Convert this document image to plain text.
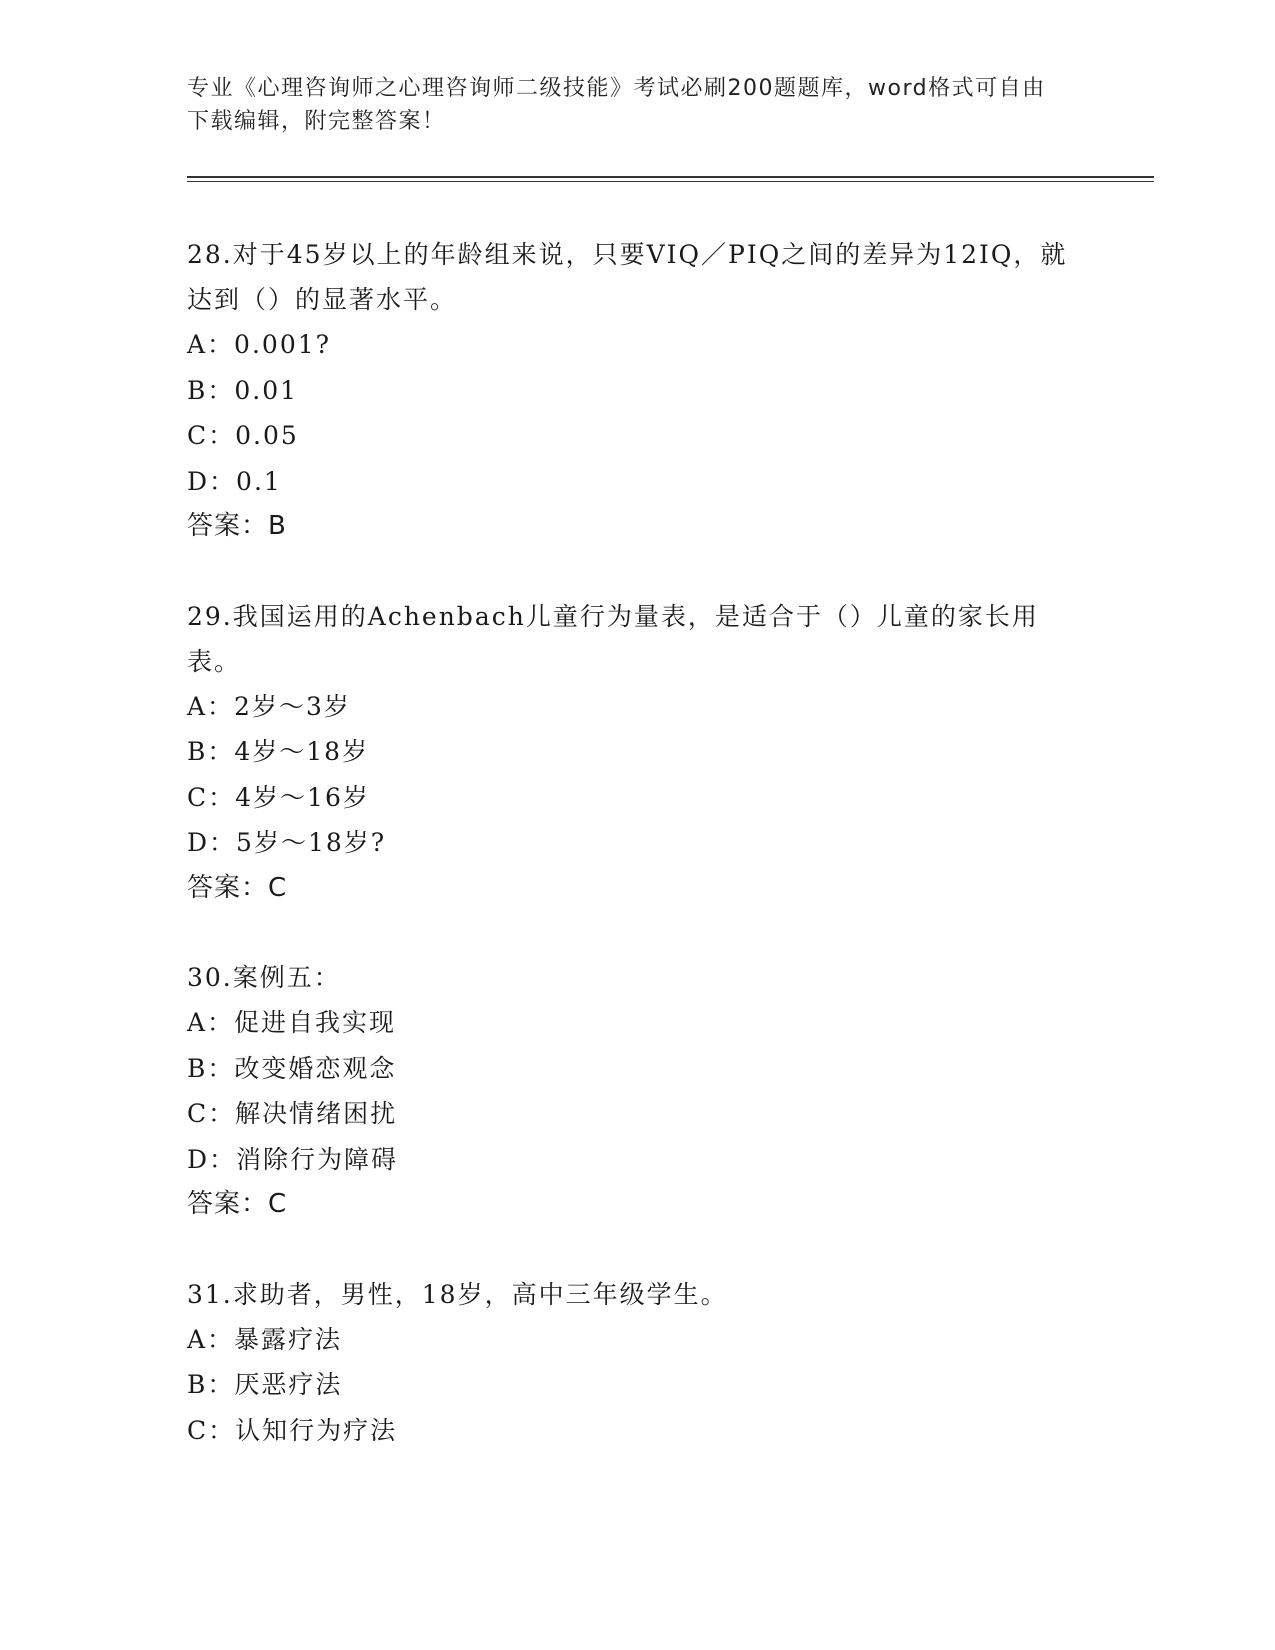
专业《心理咨询师之心理咨询师二级技能》考试必刷200题题库，word格式可自由下载编辑，附完整答案！

28.对于45岁以上的年龄组来说，只要VIQ／PIQ之间的差异为12IQ，就达到（）的显著水平。

A：0.001?

B：0.01

C：0.05

D：0.1

答案：B

29.我国运用的Achenbach儿童行为量表，是适合于（）儿童的家长用表。

A：2岁～3岁

B：4岁～18岁

C：4岁～16岁

D：5岁～18岁?

答案：C

30.案例五：

A：促进自我实现

B：改变婚恋观念

C：解决情绪困扰

D：消除行为障碍

答案：C

31.求助者，男性，18岁，高中三年级学生。

A：暴露疗法

B：厌恶疗法

C：认知行为疗法
